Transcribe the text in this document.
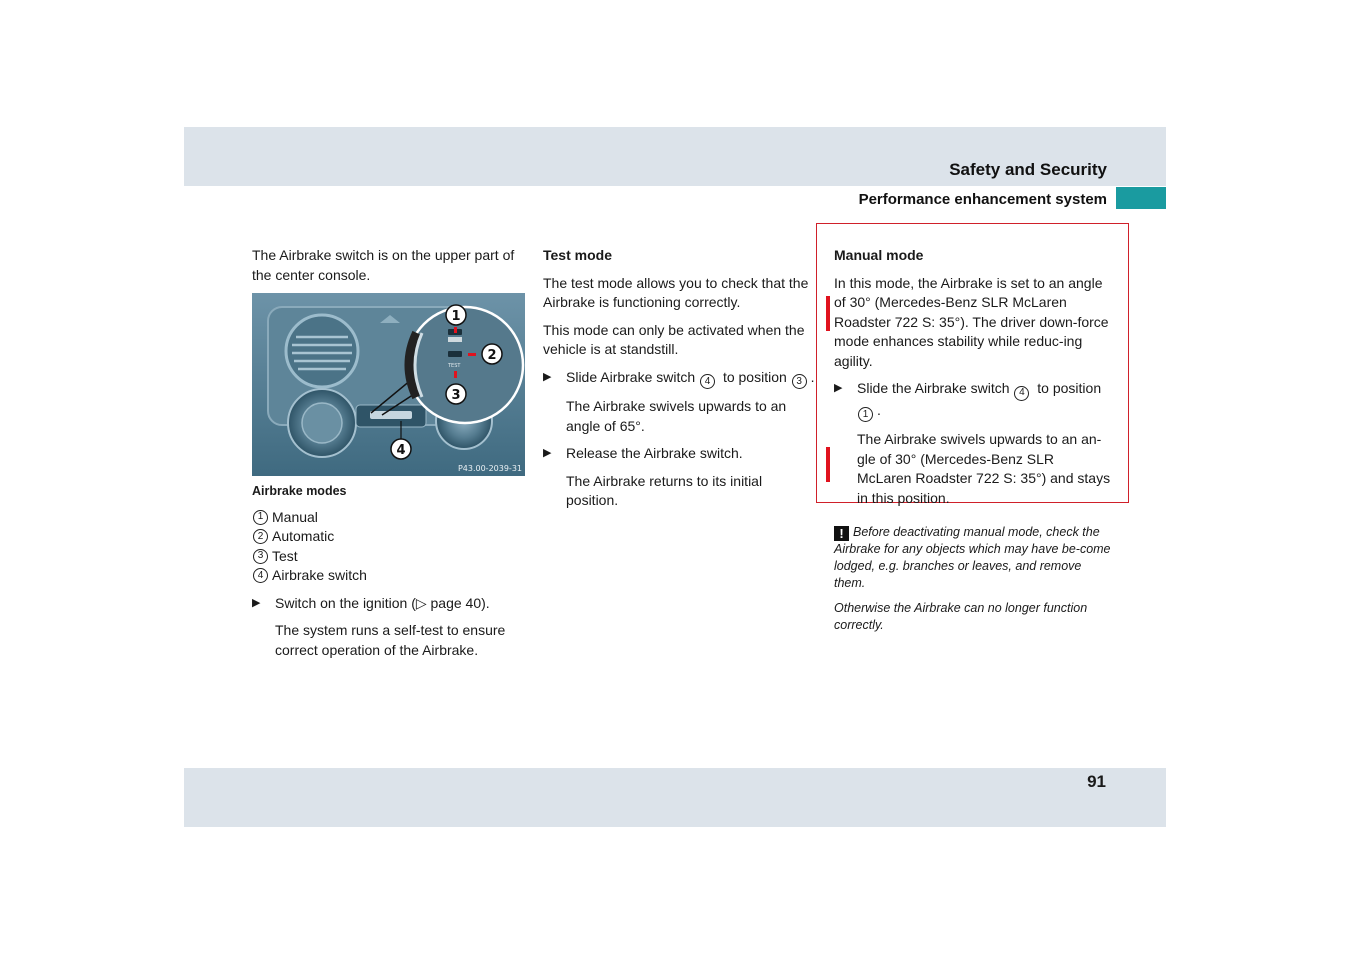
Safety and Security
Performance enhancement system

The Airbrake switch is on the upper part of the center console.

TEST
1
2
3
4
P43.00-2039-31
Airbrake modes
1 Manual
2 Automatic
3 Test
4 Airbrake switch

▶ Switch on the ignition (▷ page 40).

The system runs a self-test to ensure correct operation of the Airbrake.

Test mode

The test mode allows you to check that the Airbrake is functioning correctly.

This mode can only be activated when the vehicle is at standstill.

▶ Slide Airbrake switch 4 to position 3 .

The Airbrake swivels upwards to an angle of 65°.

▶ Release the Airbrake switch.

The Airbrake returns to its initial position.

Manual mode

In this mode, the Airbrake is set to an angle of 30° (Mercedes-Benz SLR McLaren Roadster 722 S: 35°). The driver down-force mode enhances stability while reduc-ing agility.

▶ Slide the Airbrake switch 4 to position 1 .

The Airbrake swivels upwards to an an-gle of 30° (Mercedes-Benz SLR McLaren Roadster 722 S: 35°) and stays in this position.

! Before deactivating manual mode, check the Airbrake for any objects which may have be-come lodged, e.g. branches or leaves, and remove them.

Otherwise the Airbrake can no longer function correctly.

91
